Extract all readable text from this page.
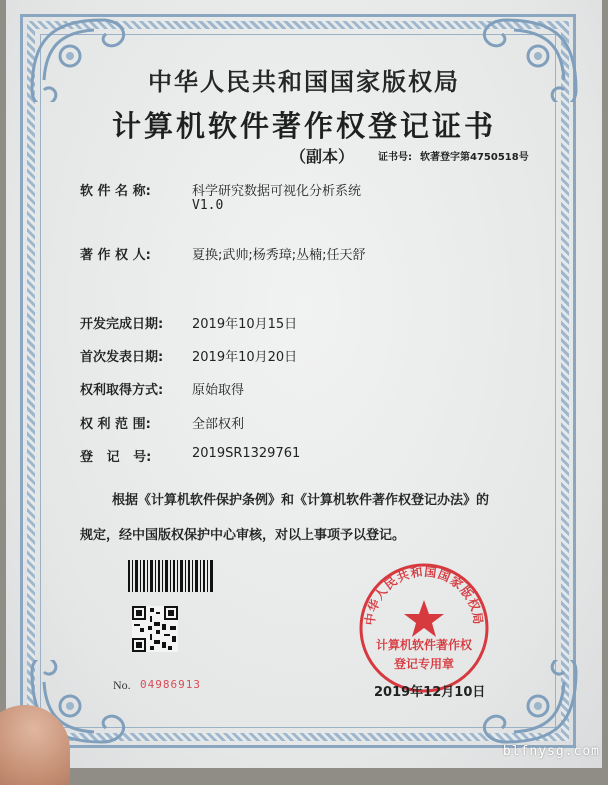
中华人民共和国国家版权局
计算机软件著作权登记证书
（副本） 证书号: 软著登字第4750518号
软 件 名 称:	科学研究数据可视化分析系统
V1.0
著 作 权 人:	夏换;武帅;杨秀璋;丛楠;任天舒
开发完成日期: 2019年10月15日
首次发表日期: 2019年10月20日
权利取得方式: 原始取得
权 利 范 围:	全部权利
登   记   号:	2019SR1329761
根据《计算机软件保护条例》和《计算机软件著作权登记办法》的
规定，经中国版权保护中心审核，对以上事项予以登记。
No. 04986913
中华人民共和国国家版权局
计算机软件著作权
登记专用章
2019年12月10日
blfnysg.com
